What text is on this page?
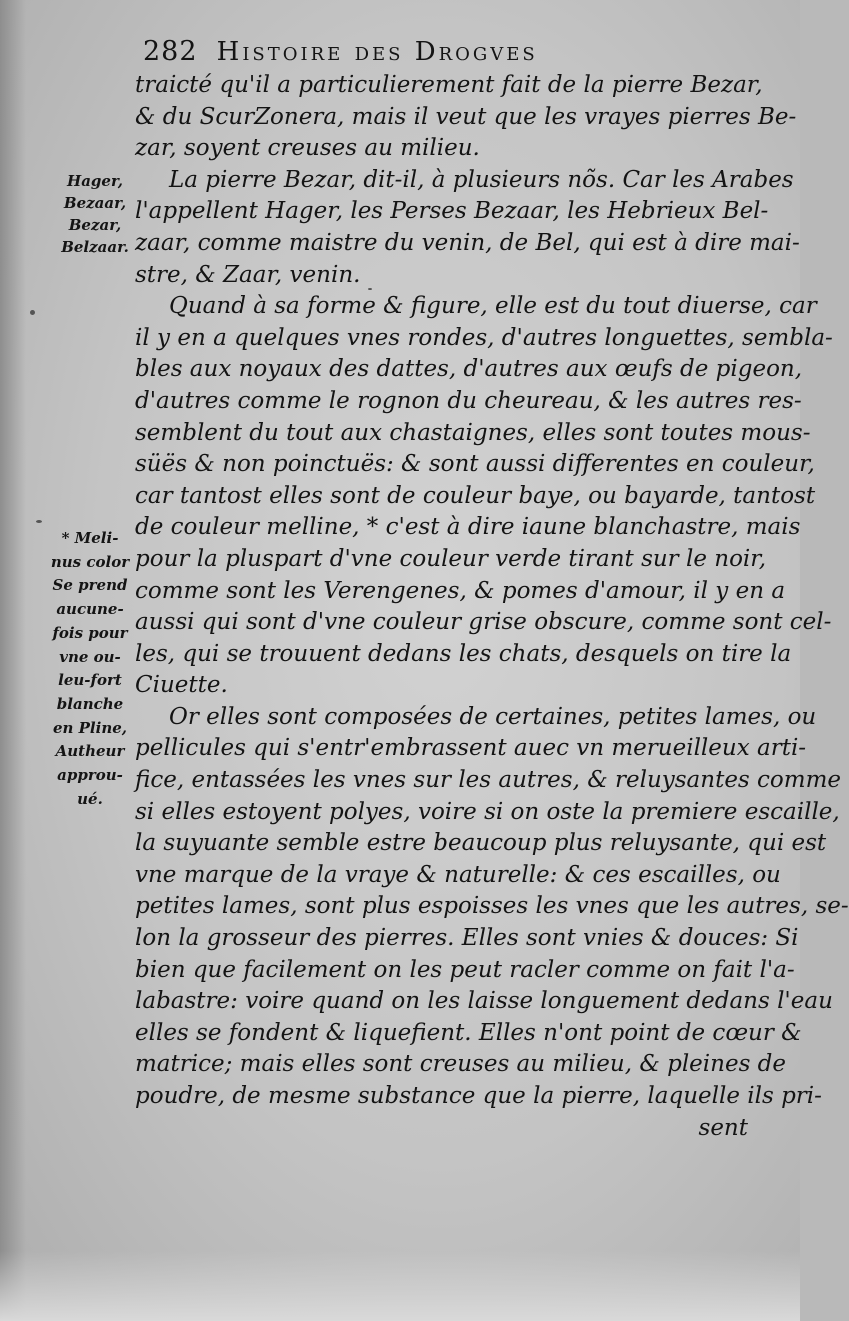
282 Histoire des Drogves
Hager,
Bezaar,
Bezar,
Belzaar.
* Meli-
nus color
Se prend
aucune-
fois pour
vne ou-
leu-fort
blanche
en Pline,
Autheur
approu-
ué.
traicté qu'il a particulierement fait de la pierre Bezar,
& du ScurZonera, mais il veut que les vrayes pierres Be-
zar, soyent creuses au milieu.
La pierre Bezar, dit-il, à plusieurs nõs. Car les Arabes
l'appellent Hager, les Perses Bezaar, les Hebrieux Bel-
zaar, comme maistre du venin, de Bel, qui est à dire mai-
stre, & Zaar, venin.
Quand à sa forme & figure, elle est du tout diuerse, car
il y en a quelques vnes rondes, d'autres longuettes, sembla-
bles aux noyaux des dattes, d'autres aux œufs de pigeon,
d'autres comme le rognon du cheureau, & les autres res-
semblent du tout aux chastaignes, elles sont toutes mous-
süës & non poinctuës: & sont aussi differentes en couleur,
car tantost elles sont de couleur baye, ou bayarde, tantost
de couleur melline, * c'est à dire iaune blanchastre, mais
pour la pluspart d'vne couleur verde tirant sur le noir,
comme sont les Verengenes, & pomes d'amour, il y en a
aussi qui sont d'vne couleur grise obscure, comme sont cel-
les, qui se trouuent dedans les chats, desquels on tire la
Ciuette.
Or elles sont composées de certaines, petites lames, ou
pellicules qui s'entr'embrassent auec vn merueilleux arti-
fice, entassées les vnes sur les autres, & reluysantes comme
si elles estoyent polyes, voire si on oste la premiere escaille,
la suyuante semble estre beaucoup plus reluysante, qui est
vne marque de la vraye & naturelle: & ces escailles, ou
petites lames, sont plus espoisses les vnes que les autres, se-
lon la grosseur des pierres. Elles sont vnies & douces: Si
bien que facilement on les peut racler comme on fait l'a-
labastre: voire quand on les laisse longuement dedans l'eau
elles se fondent & liquefient. Elles n'ont point de cœur &
matrice; mais elles sont creuses au milieu, & pleines de
poudre, de mesme substance que la pierre, laquelle ils pri-
sent
